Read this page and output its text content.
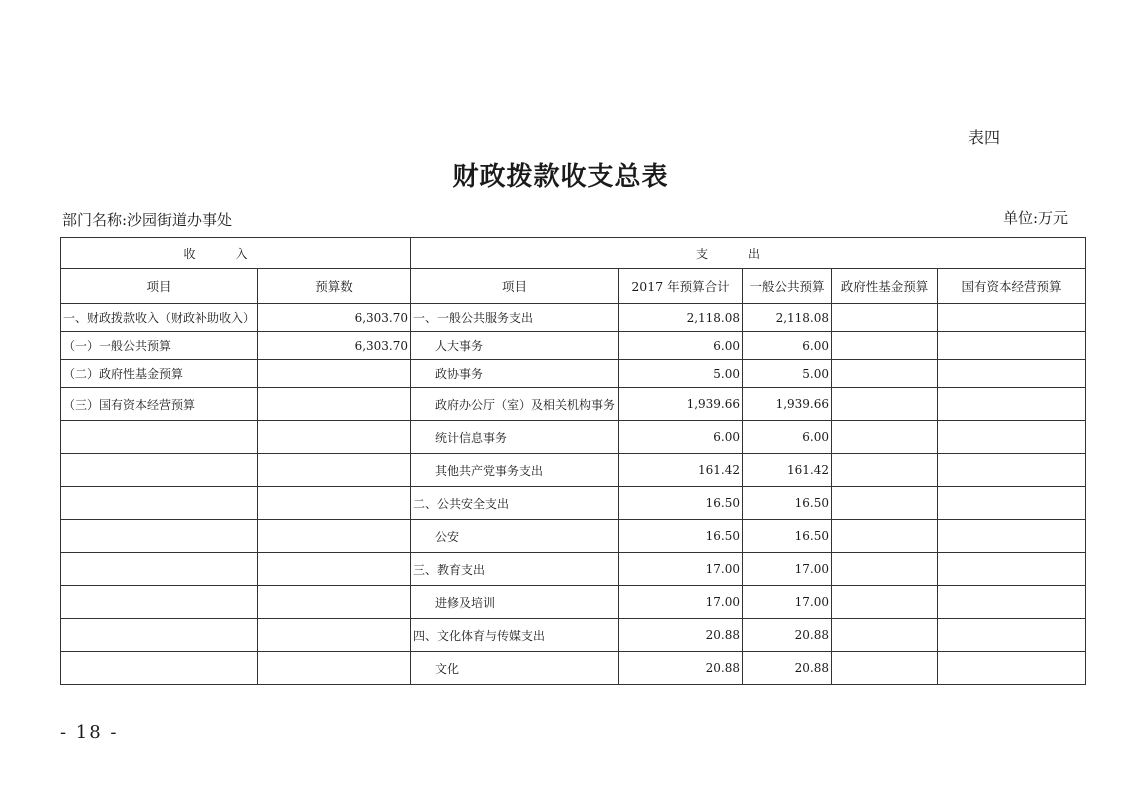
表四
财政拨款收支总表
部门名称:沙园街道办事处	单位:万元
收入		支出				
项目	预算数	项目	2017 年预算合计	一般公共预算	政府性基金预算	国有资本经营预算
一、财政拨款收入（财政补助收入）	6,303.70	一、一般公共服务支出	2,118.08	2,118.08		
（一）一般公共预算	6,303.70	人大事务	6.00	6.00		
（二）政府性基金预算		政协事务	5.00	5.00		
（三）国有资本经营预算		政府办公厅（室）及相关机构事务	1,939.66	1,939.66		
		统计信息事务	6.00	6.00		
		其他共产党事务支出	161.42	161.42		
		二、公共安全支出	16.50	16.50		
		公安	16.50	16.50		
		三、教育支出	17.00	17.00		
		进修及培训	17.00	17.00		
		四、文化体育与传媒支出	20.88	20.88		
		文化	20.88	20.88		
- 18 -
